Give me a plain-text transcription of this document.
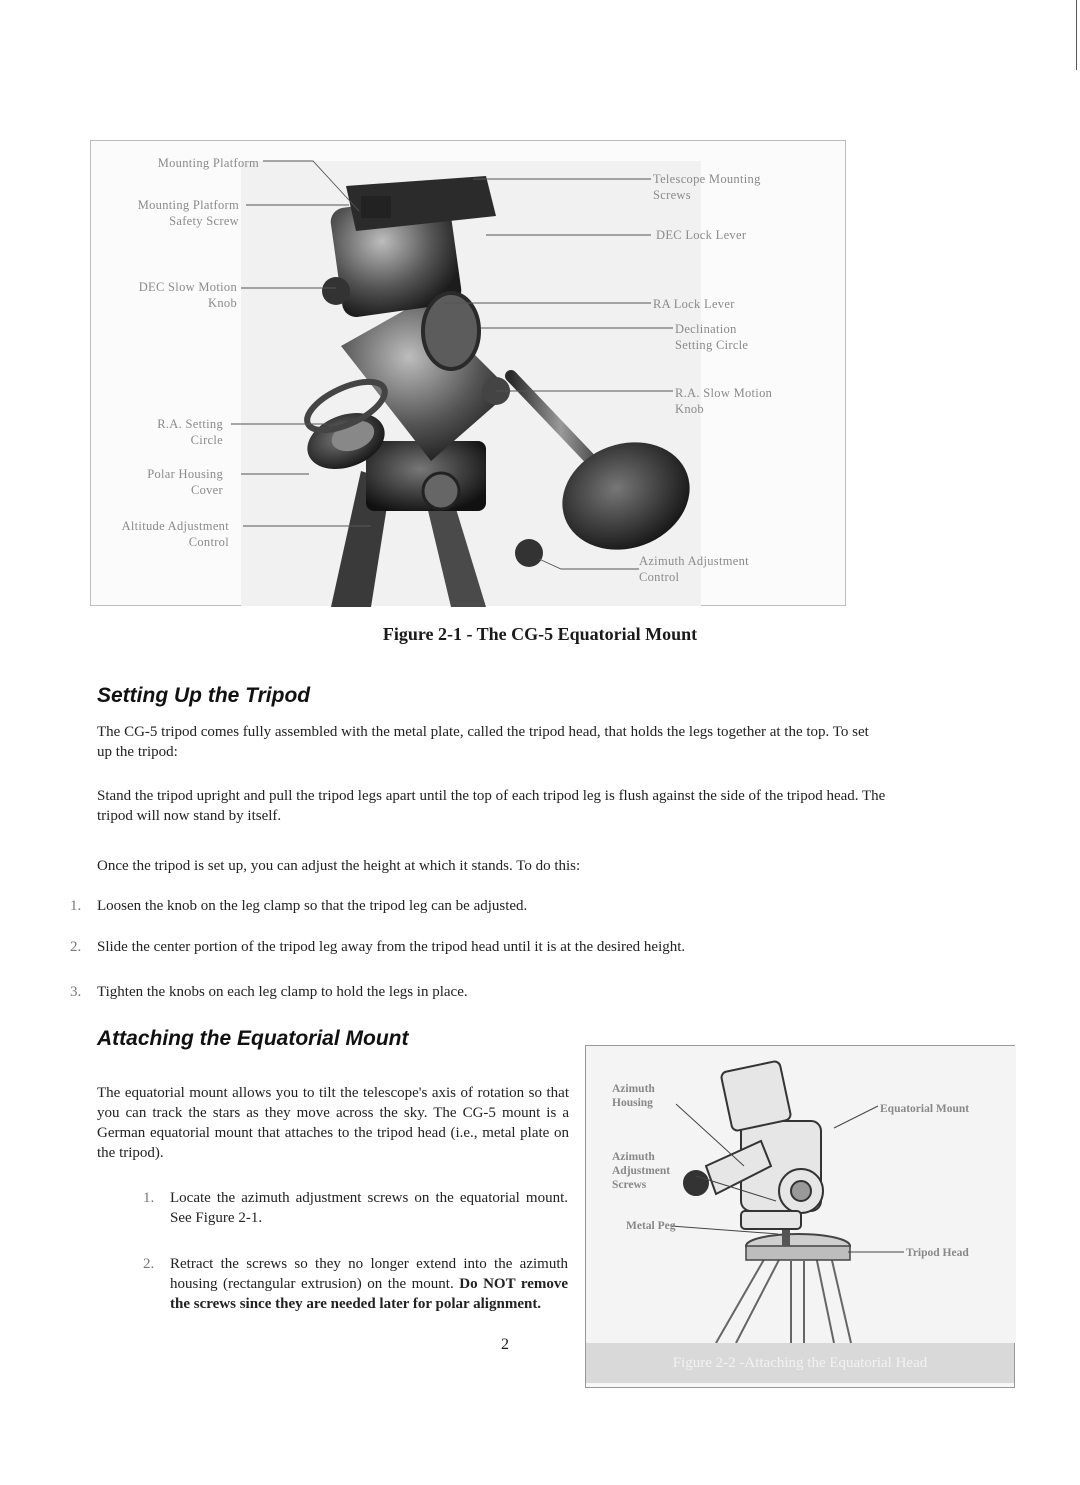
Mounting Platform
Mounting Platform
Safety Screw
DEC Slow Motion
Knob
R.A. Setting
Circle
Polar Housing
Cover
Altitude Adjustment
Control
Telescope Mounting
Screws
DEC Lock Lever
RA Lock Lever
Declination
Setting Circle
R.A. Slow Motion
Knob
Azimuth Adjustment
Control
Figure 2-1 - The CG-5 Equatorial Mount
Setting Up the Tripod
The CG-5 tripod comes fully assembled with the metal plate, called the tripod head, that holds the legs together at the top. To set up the tripod:
Stand the tripod upright and pull the tripod legs apart until the top of each tripod leg is flush against the side of the tripod head. The tripod will now stand by itself.
Once the tripod is set up, you can adjust the height at which it stands. To do this:
1. Loosen the knob on the leg clamp so that the tripod leg can be adjusted.
2. Slide the center portion of the tripod leg away from the tripod head until it is at the desired height.
3. Tighten the knobs on each leg clamp to hold the legs in place.
Attaching the Equatorial Mount
The equatorial mount allows you to tilt the telescope's axis of rotation so that you can track the stars as they move across the sky. The CG-5 mount is a German equatorial mount that attaches to the tripod head (i.e., metal plate on the tripod).
1. Locate the azimuth adjustment screws on the equatorial mount. See Figure 2-1.
2. Retract the screws so they no longer extend into the azimuth housing (rectangular extrusion) on the mount. Do NOT remove the screws since they are needed later for polar alignment.
Azimuth Housing	Equatorial Mount
Azimuth Adjustment Screws
Metal Peg
Tripod Head
Figure 2-2 -Attaching the Equatorial Head
2
